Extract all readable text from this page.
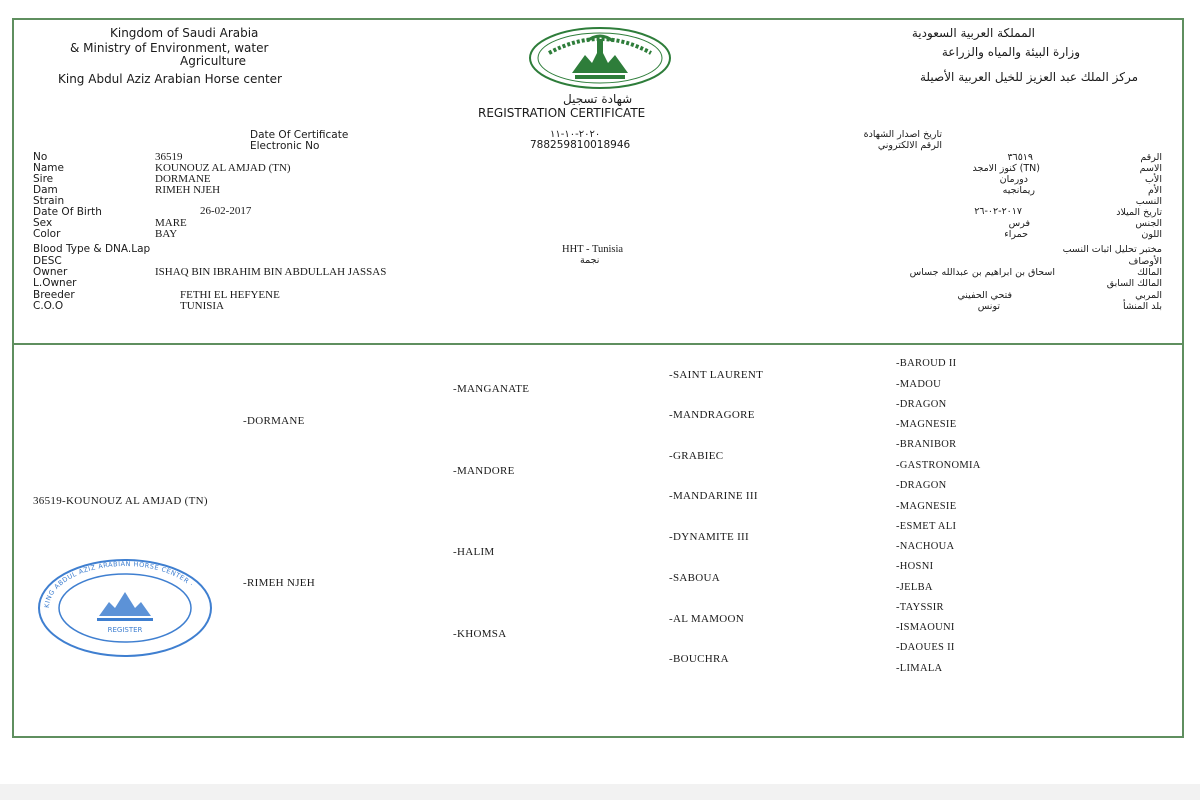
Kingdom of Saudi Arabia
& Ministry of Environment, water
Agriculture
King Abdul Aziz Arabian Horse center
المملكة العربية السعودية
وزارة البيئة والمياه والزراعة
مركز الملك عبد العزيز للخيل العربية الأصيلة
شهادة تسجيل
REGISTRATION CERTIFICATE
Date Of Certificate	٢٠٢٠-١٠-١١	تاريخ اصدار الشهادة
Electronic No	788259810018946	الرقم الالكتروني
No	36519	٣٦٥١٩	الرقم
Name	KOUNOUZ AL AMJAD (TN)	(TN) كنوز الامجد	الاسم
Sire	DORMANE	دورمان	الأب
Dam	RIMEH NJEH	ريمانجيه	الأم
Strain	النسب
Date Of Birth	26-02-2017	٢٠١٧-٠٢-٢٦	تاريخ الميلاد
Sex	MARE	فرس	الجنس
Color	BAY	حمراء	اللون
Blood Type & DNA.Lap	HHT - Tunisia	مختبر تحليل اثبات النسب
DESC	نجمة	الأوصاف
Owner	ISHAQ BIN IBRAHIM BIN ABDULLAH JASSAS	اسحاق بن ابراهيم بن عبدالله جساس	المالك
L.Owner	المالك السابق
Breeder	FETHI EL HEFYENE	فتحي الحفيني	المربي
C.O.O	TUNISIA	تونس	بلد المنشأ
36519-KOUNOUZ AL AMJAD (TN)
-DORMANE
-RIMEH NJEH
-MANGANATE
-MANDORE
-HALIM
-KHOMSA
-SAINT LAURENT
-MANDRAGORE
-GRABIEC
-MANDARINE III
-DYNAMITE III
-SABOUA
-AL MAMOON
-BOUCHRA
-BAROUD II
-MADOU
-DRAGON
-MAGNESIE
-BRANIBOR
-GASTRONOMIA
-DRAGON
-MAGNESIE
-ESMET ALI
-NACHOUA
-HOSNI
-JELBA
-TAYSSIR
-ISMAOUNI
-DAOUES II
-LIMALA
KING ABDUL AZIZ ARABIAN HORSE CENTER ·
REGISTER
